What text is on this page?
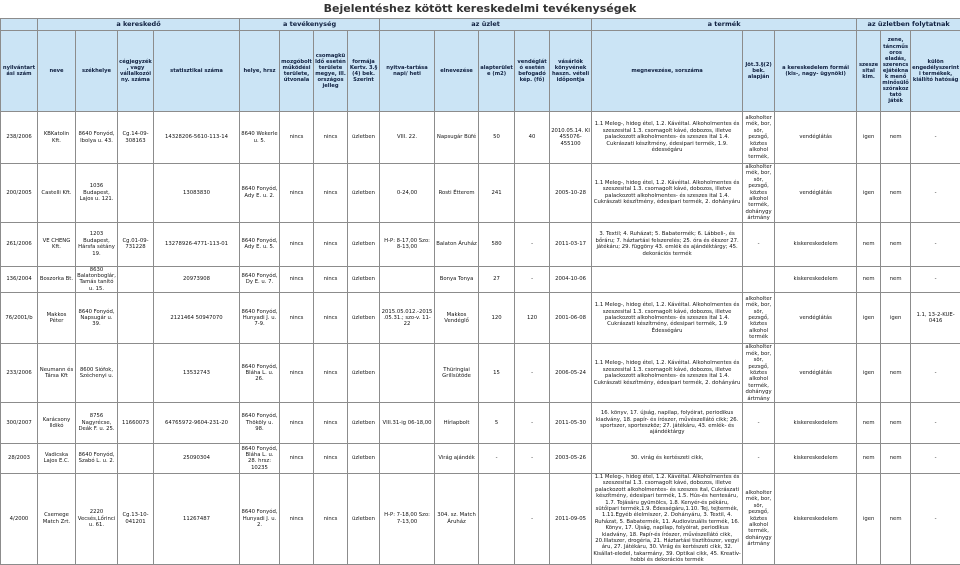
Bejelentéshez kötött kereskedelmi tevékenységek
	a kereskedő				a tevékenység				az üzlet					a termék			az üzletben folytatnak		
nyilvántartási szám	neve	székhelye	cégjegyzék, vagy vállalkozói ny. száma	statisztikai száma	helye, hrsz	mozgóbolt működési területe, útvonala	csomagküldő esetén területe megye, ill. országos jelleg	formája Kertv. 3.§ (4) bek. Szerint	nyitva-tartása napi/ heti	elnevezése	alapterülete (m2)	vendéglátó esetén befogadó kép. (fő)	vásárlók könyvének haszn. vételi időpontja	megnevezése, sorszáma	Jöt.3.§(2) bek. alapján	a kereskedelem formái (kis-, nagy- ügynöki)	szeszesital kim.	zene, táncműsoros eladás, szerencsejátéknak menő minősülő szórakoztató játék	külön engedélyszerinti termékek, kiállító hatóság
238/2006	KBKatolin Kft.	8640 Fonyód, Ibolya u. 43.	Cg.14-09-308163	14328206-5610-113-14	8640 Wekerle u. 5.	nincs	nincs	üzletben	VIII. 22.	Napsugár Büfé	50	40	2010.05.14. KI 455076-455100	1.1 Meleg-, hideg étel, 1.2. Kávéital. Alkoholmentes és szeszesital 1.3. csomagolt kávé, dobozos, illetve palackozott alkoholmentes- és szeszes ital 1.4. Cukrászati készítmény, édesipari termék, 1.9. édességáru	alkoholtermék, bor, sör, pezsgő, köztes alkohol termék,	vendéglátás	igen	nem	-
200/2005	Castelli Kft.	1036 Budapest, Lajos u. 121.		13083830	8640 Fonyód, Ady E. u. 2.	nincs	nincs	üzletben	0-24,00	Rosti Étterem	241		2005-10-28	1.1 Meleg-, hideg étel, 1.2. Kávéital. Alkoholmentes és szeszesital 1.3. csomagolt kávé, dobozos, illetve palackozott alkoholmentes- és szeszes ital 1.4. Cukrászati készítmény, édesipari termék, 2. dohányáru	alkoholtermék, bor, sör, pezsgő, köztes alkohol termék, dohánygyártmány	vendéglátás	igen	nem	-
261/2006	VE CHENG Kft.	1203 Budapest, Hársfa sétány 19.	Cg.01-09-731228	13278926-4771-113-01	8640 Fonyód, Ady E. u. 5.	nincs	nincs	üzletben	H-P: 8-17,00 Szo: 8-13,00	Balaton Áruház	580	-	2011-03-17	3. Textil; 4. Ruházat; 5. Babatermék; 6. Lábbeli-, és bőráru; 7. háztartási felszerelés; 25. óra és ékszer 27. játékáru; 29. függöny 43. emlék és ajándéktárgy; 45. dekorációs termék	-	kiskereskedelem	nem	nem	-
136/2004	Boszorka Bt.	8630 Balatonboglár, Tamás tanító u. 15.		20973908	8640 Fonyód, Dy E. u. 7.	nincs	nincs	üzletben		Bonya Tonya	27	-	2004-10-06			kiskereskedelem	nem	nem	-
76/2001/b	Makkos Péter	8640 Fonyód, Napsugár u. 39.		2121464 50947070	8640 Fonyód, Hunyadi J. u. 7-9.	nincs	nincs	üzletben	2015.05.012.-2015.05.31.; szo-v. 11-22	Makkos Vendéglő	120	120	2001-06-08	1.1 Meleg-, hideg étel, 1.2. Kávéital. Alkoholmentes és szeszesital 1.3. csomagolt kávé, dobozos, illetve palackozott alkoholmentes- és szeszes ital 1.4. Cukrászati készítmény, édesipari termék, 1.9 Édességáru	alkoholtermék, bor, sör, pezsgő, köztes alkohol termék	vendéglátás	igen	igen	1.1, 13-2-KUE-0416
233/2006	Neumann és Társa Kft	8600 Siófok, Széchenyi u.		13532743	8640 Fonyód, Bláha L. u. 26.	nincs	nincs	üzletben		Thüringiai Grillsütöde	15	-	2006-05-24	1.1 Meleg-, hideg étel, 1.2. Kávéital. Alkoholmentes és szeszesital 1.3. csomagolt kávé, dobozos, illetve palackozott alkoholmentes- és szeszes ital 1.4. Cukrászati készítmény, édesipari termék, 2. dohányáru	alkoholtermék, bor, sör, pezsgő, köztes alkohol termék, dohánygyártmány	vendéglátás	igen	nem	-
300/2007	Karácsony Ildikó	8756 Nagyrécse, Deák F. u. 25.	11660073	64765972-9604-231-20	8640 Fonyód, Thököly u. 98.	nincs	nincs	üzletben	VIII.31-ig 06-18,00	Hírlapbolt	5	-	2011-05-30	16. könyv, 17. újság, napilap, folyóirat, periodikus kiadvány, 18. papír- és írószer, művészellátó cikk; 26. sportszer, sporteszköz; 27. játékáru, 43. emlék- és ajándéktárgy	-	kiskereskedelem	nem	nem	-
28/2003	Vadicska Lajos E.C.	8640 Fonyód, Szabó L. u. 2.		25090304	8640 Fonyód, Bláha L. u. 28. hrsz: 10235	nincs	nincs	üzletben		Virág ajándék	-	-	2003-05-26	30. virág és kertészeti cikk,	-	kiskereskedelem	nem	nem	-
4/2000	Csemege Match Zrt.	2220 Vecsés,Lőrinci u. 61.	Cg.13-10-041201	11267487	8640 Fonyód, Hunyadi J. u. 2.	nincs	nincs	üzletben	H-P: 7-18,00 Szo: 7-13,00	304. sz. Match Áruház		-	2011-09-05	1.1 Meleg-, hideg étel, 1.2. Kávéital. Alkoholmentes és szeszesital 1.3. csomagolt kávé, dobozos, illetve palackozott alkoholmentes- és szeszes ital, Cukrászati készítmény, édesipari termék, 1.5. Hús-és hentesáru, 1.7. Tojásáru gyümölcs, 1.8. Kenyér-és pékáru, sütőipari termék,1.9. Édességáru,1.10. Tej, tejtermék, 1.11.Egyéb élelmiszer, 2. Dohányáru, 3. Textil, 4. Ruházat, 5. Babatermék, 11. Audiovizuális termék, 16. Könyv, 17. Újság, napilap, folyóirat, periodikus kiadvány, 18. Papír-és írószer, művészellátó cikk, 20.Illatszer, drogéria, 21. Háztartási tisztítószer, vegyi áru, 27. Játékáru, 30. Virág és kertészeti cikk, 32. Kisállat-eledel, takarmány, 39. Optikai cikk, 45. Kreatív- hobbi és dekorációs termék	alkoholtermék, bor, sör, pezsgő, köztes alkohol termék, dohánygyártmány	kiskereskedelem	igen	nem	-
